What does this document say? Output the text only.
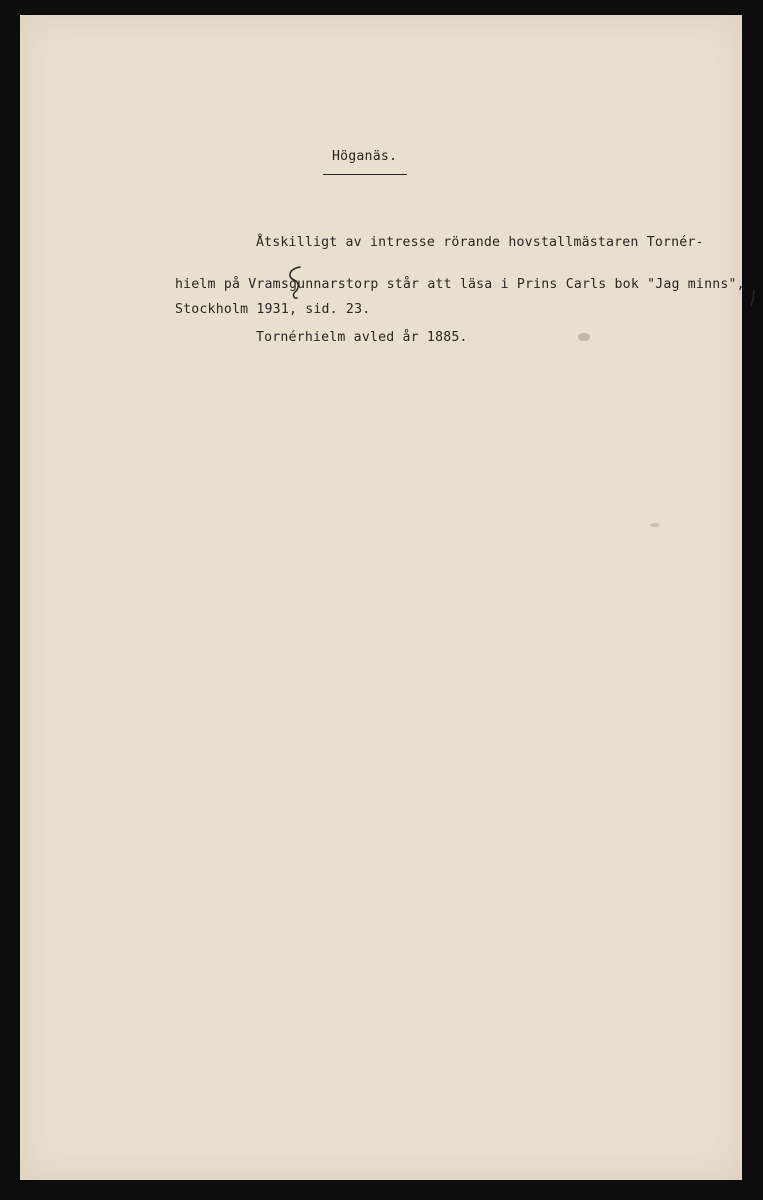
Höganäs.
Åtskilligt av intresse rörande hovstallmästaren Tornér-
hielm på Vramsgunnarstorp står att läsa i Prins Carls bok "Jag minns",
Stockholm 1931, sid. 23.
Tornérhielm avled år 1885.
